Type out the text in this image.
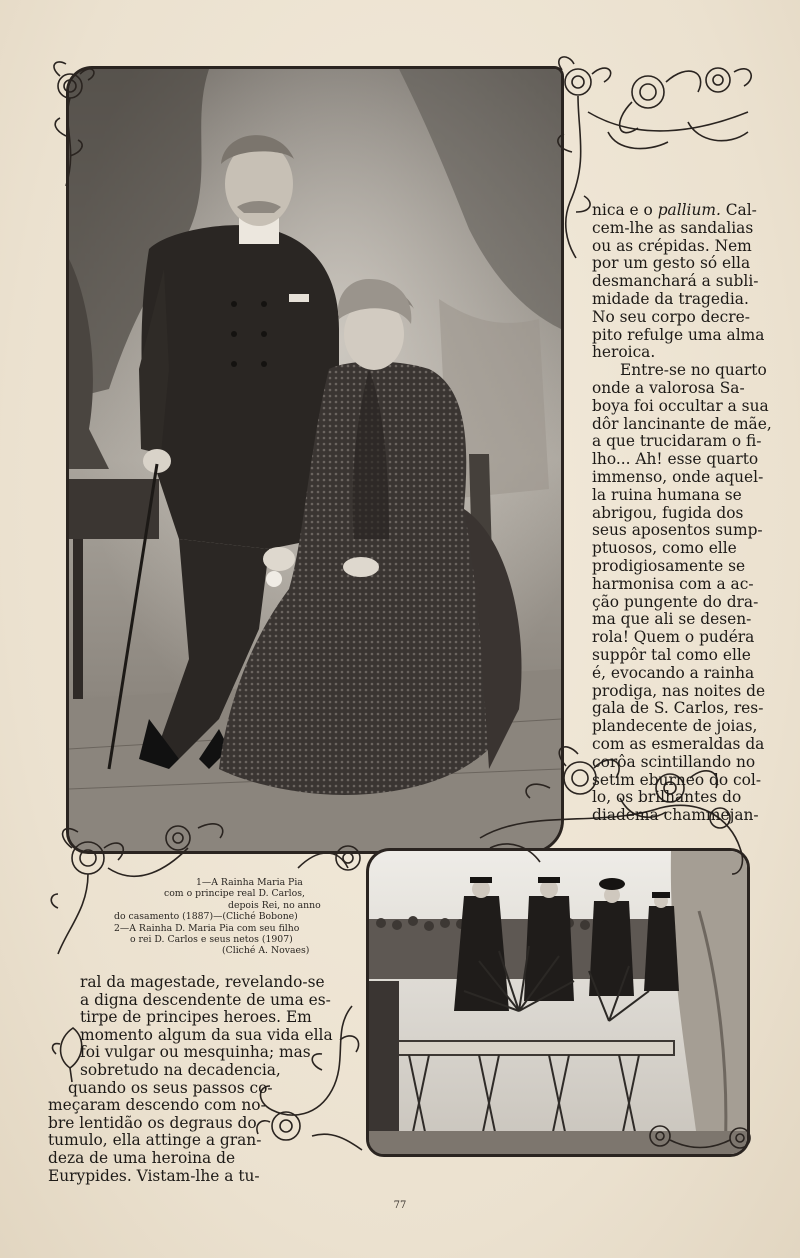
nica e o pallium. Cal-
cem-lhe as sandalias
ou as crépidas. Nem
por um gesto só ella
desmanchará a subli-
midade da tragedia.
No seu corpo decre-
pito refulge uma alma
heroica.

Entre-se no quarto
onde a valorosa Sa-
boya foi occultar a sua
dôr lancinante de mãe,
a que trucidaram o fi-
lho... Ah! esse quarto
immenso, onde aquel-
la ruina humana se
abrigou, fugida dos
seus aposentos sump-
ptuosos, como elle
prodigiosamente se
harmonisa com a ac-
ção pungente do dra-
ma que ali se desen-
rola! Quem o pudéra
suppôr tal como elle
é, evocando a rainha
prodiga, nas noites de
gala de S. Carlos, res-
plandecente de joias,
com as esmeraldas da
corôa scintillando no
setim eburneo do col-
lo, os brilhantes do
diadema chammejan-

1—A Rainha Maria Pia
com o principe real D. Carlos,
depois Rei, no anno
do casamento (1887)—(Cliché Bobone)
2—A Rainha D. Maria Pia com seu filho
o rei D. Carlos e seus netos (1907)
(Cliché A. Novaes)

ral da magestade, revelando-se
a digna descendente de uma es-
tirpe de principes heroes. Em
momento algum da sua vida ella
foi vulgar ou mesquinha; mas
sobretudo na decadencia,
quando os seus passos co-
meçaram descendo com no-
bre lentidão os degraus do
tumulo, ella attinge a gran-
deza de uma heroina de
Eurypides. Vistam-lhe a tu-

77
